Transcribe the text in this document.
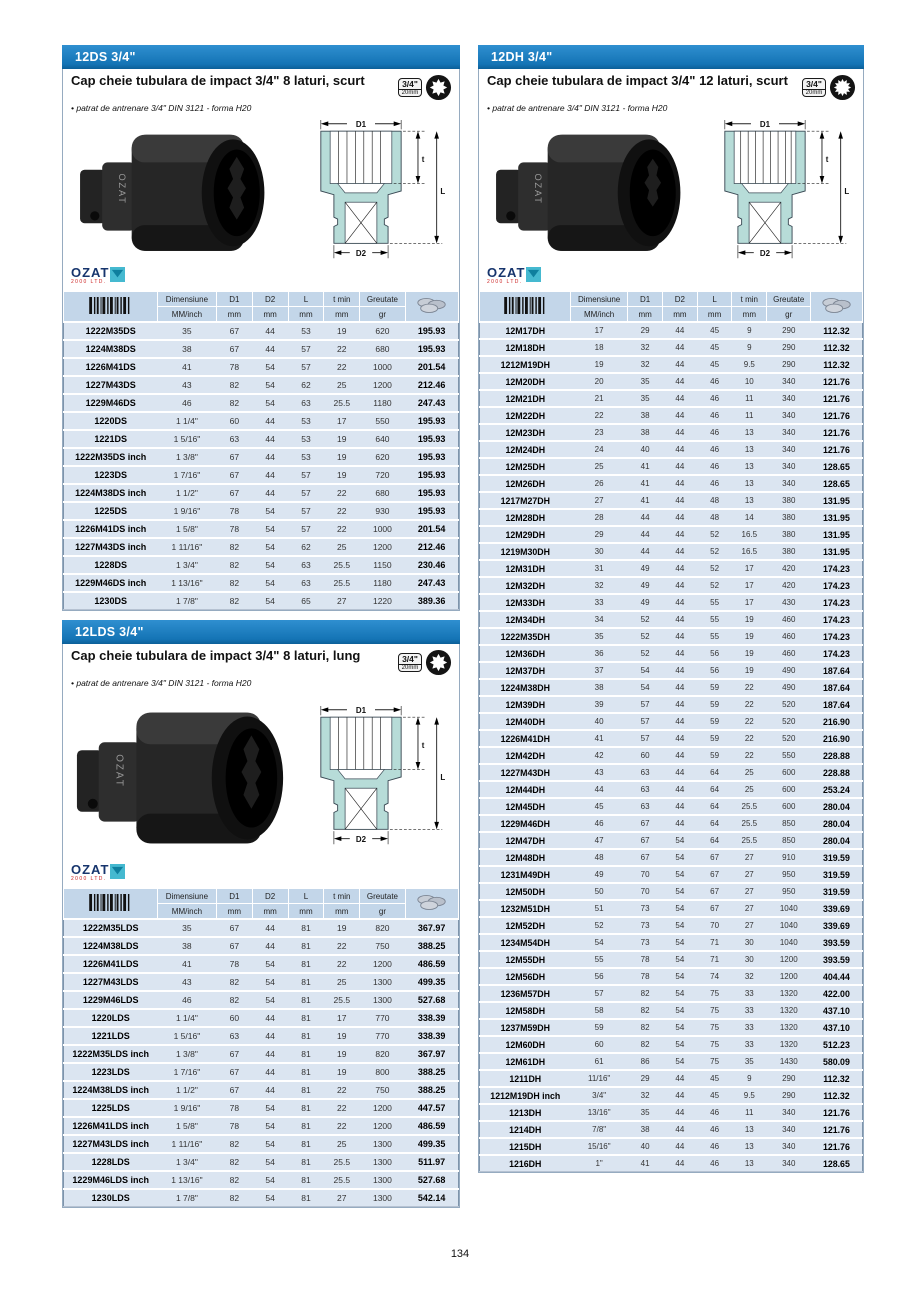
12DS 3/4"
Cap cheie tubulara de impact 3/4" 8 laturi, scurt	3/4"
20mm
• patrat de antrenare 3/4" DIN 3121 - forma H20
OZAT
D1
t
L
D2
OZAT
2000 LTD.
	Dimensiune	D1	D2	L	t min	Greutate	
	MM/inch	mm	mm	mm	mm	gr	
1222M35DS	35	67	44	53	19	620	195.93
1224M38DS	38	67	44	57	22	680	195.93
1226M41DS	41	78	54	57	22	1000	201.54
1227M43DS	43	82	54	62	25	1200	212.46
1229M46DS	46	82	54	63	25.5	1180	247.43
1220DS	1 1/4"	60	44	53	17	550	195.93
1221DS	1 5/16"	63	44	53	19	640	195.93
1222M35DS inch	1 3/8"	67	44	53	19	620	195.93
1223DS	1 7/16"	67	44	57	19	720	195.93
1224M38DS inch	1 1/2"	67	44	57	22	680	195.93
1225DS	1 9/16"	78	54	57	22	930	195.93
1226M41DS inch	1 5/8"	78	54	57	22	1000	201.54
1227M43DS inch	1 11/16"	82	54	62	25	1200	212.46
1228DS	1 3/4"	82	54	63	25.5	1150	230.46
1229M46DS inch	1 13/16"	82	54	63	25.5	1180	247.43
1230DS	1 7/8"	82	54	65	27	1220	389.36
12LDS 3/4"
Cap cheie tubulara de impact 3/4" 8 laturi, lung	3/4"
20mm
• patrat de antrenare 3/4" DIN 3121 - forma H20
OZAT
D1
t
L
D2
OZAT
2000 LTD.
	Dimensiune	D1	D2	L	t min	Greutate	
	MM/inch	mm	mm	mm	mm	gr	
1222M35LDS	35	67	44	81	19	820	367.97
1224M38LDS	38	67	44	81	22	750	388.25
1226M41LDS	41	78	54	81	22	1200	486.59
1227M43LDS	43	82	54	81	25	1300	499.35
1229M46LDS	46	82	54	81	25.5	1300	527.68
1220LDS	1 1/4"	60	44	81	17	770	338.39
1221LDS	1 5/16"	63	44	81	19	770	338.39
1222M35LDS inch	1 3/8"	67	44	81	19	820	367.97
1223LDS	1 7/16"	67	44	81	19	800	388.25
1224M38LDS inch	1 1/2"	67	44	81	22	750	388.25
1225LDS	1 9/16"	78	54	81	22	1200	447.57
1226M41LDS inch	1 5/8"	78	54	81	22	1200	486.59
1227M43LDS inch	1 11/16"	82	54	81	25	1300	499.35
1228LDS	1 3/4"	82	54	81	25.5	1300	511.97
1229M46LDS inch	1 13/16"	82	54	81	25.5	1300	527.68
1230LDS	1 7/8"	82	54	81	27	1300	542.14
12DH 3/4"
Cap cheie tubulara de impact 3/4" 12 laturi, scurt	3/4"
20mm
• patrat de antrenare 3/4" DIN 3121 - forma H20
OZAT
D1
t
L
D2
OZAT
2000 LTD.
	Dimensiune	D1	D2	L	t min	Greutate	
	MM/inch	mm	mm	mm	mm	gr	
12M17DH	17	29	44	45	9	290	112.32
12M18DH	18	32	44	45	9	290	112.32
1212M19DH	19	32	44	45	9.5	290	112.32
12M20DH	20	35	44	46	10	340	121.76
12M21DH	21	35	44	46	11	340	121.76
12M22DH	22	38	44	46	11	340	121.76
12M23DH	23	38	44	46	13	340	121.76
12M24DH	24	40	44	46	13	340	121.76
12M25DH	25	41	44	46	13	340	128.65
12M26DH	26	41	44	46	13	340	128.65
1217M27DH	27	41	44	48	13	380	131.95
12M28DH	28	44	44	48	14	380	131.95
12M29DH	29	44	44	52	16.5	380	131.95
1219M30DH	30	44	44	52	16.5	380	131.95
12M31DH	31	49	44	52	17	420	174.23
12M32DH	32	49	44	52	17	420	174.23
12M33DH	33	49	44	55	17	430	174.23
12M34DH	34	52	44	55	19	460	174.23
1222M35DH	35	52	44	55	19	460	174.23
12M36DH	36	52	44	56	19	460	174.23
12M37DH	37	54	44	56	19	490	187.64
1224M38DH	38	54	44	59	22	490	187.64
12M39DH	39	57	44	59	22	520	187.64
12M40DH	40	57	44	59	22	520	216.90
1226M41DH	41	57	44	59	22	520	216.90
12M42DH	42	60	44	59	22	550	228.88
1227M43DH	43	63	44	64	25	600	228.88
12M44DH	44	63	44	64	25	600	253.24
12M45DH	45	63	44	64	25.5	600	280.04
1229M46DH	46	67	44	64	25.5	850	280.04
12M47DH	47	67	54	64	25.5	850	280.04
12M48DH	48	67	54	67	27	910	319.59
1231M49DH	49	70	54	67	27	950	319.59
12M50DH	50	70	54	67	27	950	319.59
1232M51DH	51	73	54	67	27	1040	339.69
12M52DH	52	73	54	70	27	1040	339.69
1234M54DH	54	73	54	71	30	1040	393.59
12M55DH	55	78	54	71	30	1200	393.59
12M56DH	56	78	54	74	32	1200	404.44
1236M57DH	57	82	54	75	33	1320	422.00
12M58DH	58	82	54	75	33	1320	437.10
1237M59DH	59	82	54	75	33	1320	437.10
12M60DH	60	82	54	75	33	1320	512.23
12M61DH	61	86	54	75	35	1430	580.09
1211DH	11/16"	29	44	45	9	290	112.32
1212M19DH inch	3/4"	32	44	45	9.5	290	112.32
1213DH	13/16"	35	44	46	11	340	121.76
1214DH	7/8"	38	44	46	13	340	121.76
1215DH	15/16"	40	44	46	13	340	121.76
1216DH	1"	41	44	46	13	340	128.65
134
